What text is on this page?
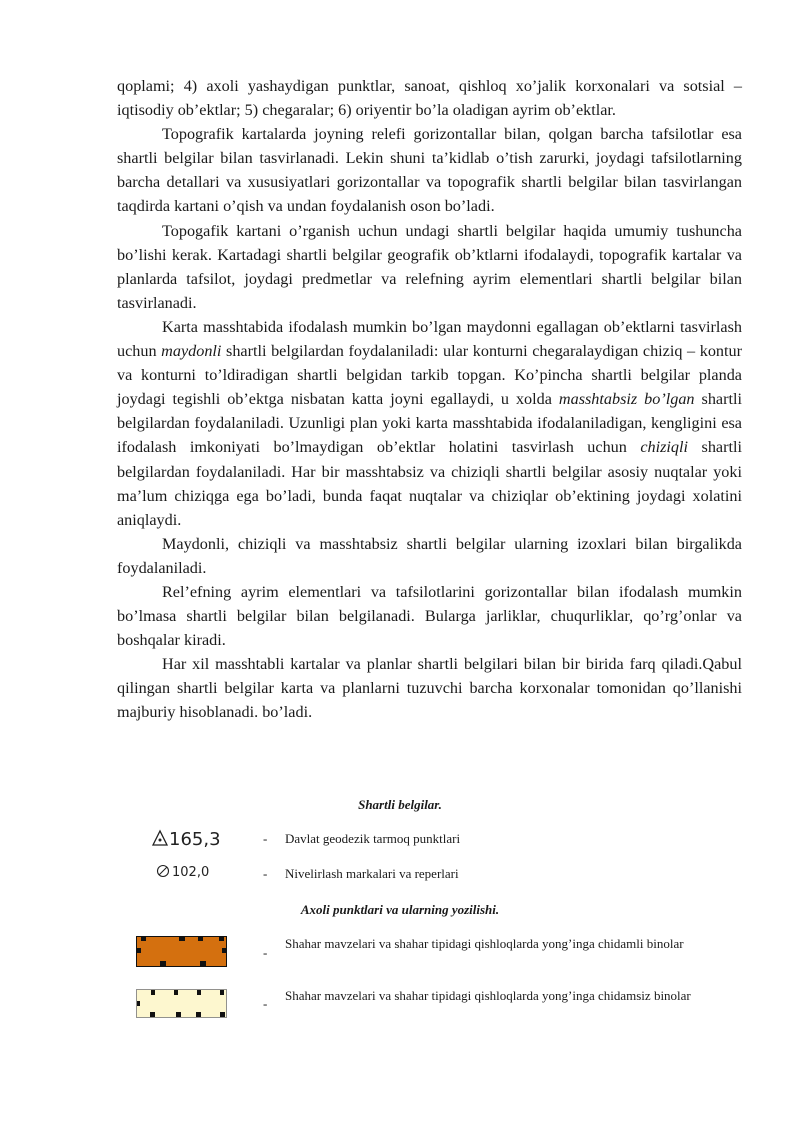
qoplami; 4) axoli yashaydigan punktlar, sanoat, qishloq xo’jalik korxonalari va sotsial – iqtisodiy ob’ektlar; 5) chegaralar; 6) oriyentir bo’la oladigan ayrim ob’ektlar.

Topografik kartalarda joyning relefi gorizontallar bilan, qolgan barcha tafsilotlar esa shartli belgilar bilan tasvirlanadi. Lekin shuni ta’kidlab o’tish zarurki, joydagi tafsilotlarning barcha detallari va xususiyatlari gorizontallar va topografik shartli belgilar bilan tasvirlangan taqdirda kartani o’qish va undan foydalanish oson bo’ladi.

Topogafik kartani o’rganish uchun undagi shartli belgilar haqida umumiy tushuncha bo’lishi kerak. Kartadagi shartli belgilar geografik ob’ktlarni ifodalaydi, topografik kartalar va planlarda tafsilot, joydagi predmetlar va relefning ayrim elementlari shartli belgilar bilan tasvirlanadi.

Karta masshtabida ifodalash mumkin bo’lgan maydonni egallagan ob’ektlarni tasvirlash uchun maydonli shartli belgilardan foydalaniladi: ular konturni chegaralaydigan chiziq – kontur va konturni to’ldiradigan shartli belgidan tarkib topgan. Ko’pincha shartli belgilar planda joydagi tegishli ob’ektga nisbatan katta joyni egallaydi, u xolda masshtabsiz bo’lgan shartli belgilardan foydalaniladi. Uzunligi plan yoki karta masshtabida ifodalaniladigan, kengligini esa ifodalash imkoniyati bo’lmaydigan ob’ektlar holatini tasvirlash uchun chiziqli shartli belgilardan foydalaniladi. Har bir masshtabsiz va chiziqli shartli belgilar asosiy nuqtalar yoki ma’lum chiziqga ega bo’ladi, bunda faqat nuqtalar va chiziqlar ob’ektining joydagi xolatini aniqlaydi.

Maydonli, chiziqli va masshtabsiz shartli belgilar ularning izoxlari bilan birgalikda foydalaniladi.

Rel’efning ayrim elementlari va tafsilotlarini gorizontallar bilan ifodalash mumkin bo’lmasa shartli belgilar bilan belgilanadi. Bularga jarliklar, chuqurliklar, qo’rg’onlar va boshqalar kiradi.

Har xil masshtabli kartalar va planlar shartli belgilari bilan bir birida farq qiladi.Qabul qilingan shartli belgilar karta va planlarni tuzuvchi barcha korxonalar tomonidan qo’llanishi majburiy hisoblanadi. bo’ladi.

Shartli belgilar.
165,3	- Davlat geodezik tarmoq punktlari
102,0	- Nivelirlash markalari va reperlari
Axoli punktlari va ularning yozilishi.
-
Shahar mavzelari va shahar tipidagi qishloqlarda yong’inga chidamli binolar
-
Shahar mavzelari va shahar tipidagi qishloqlarda yong’inga chidamsiz binolar
